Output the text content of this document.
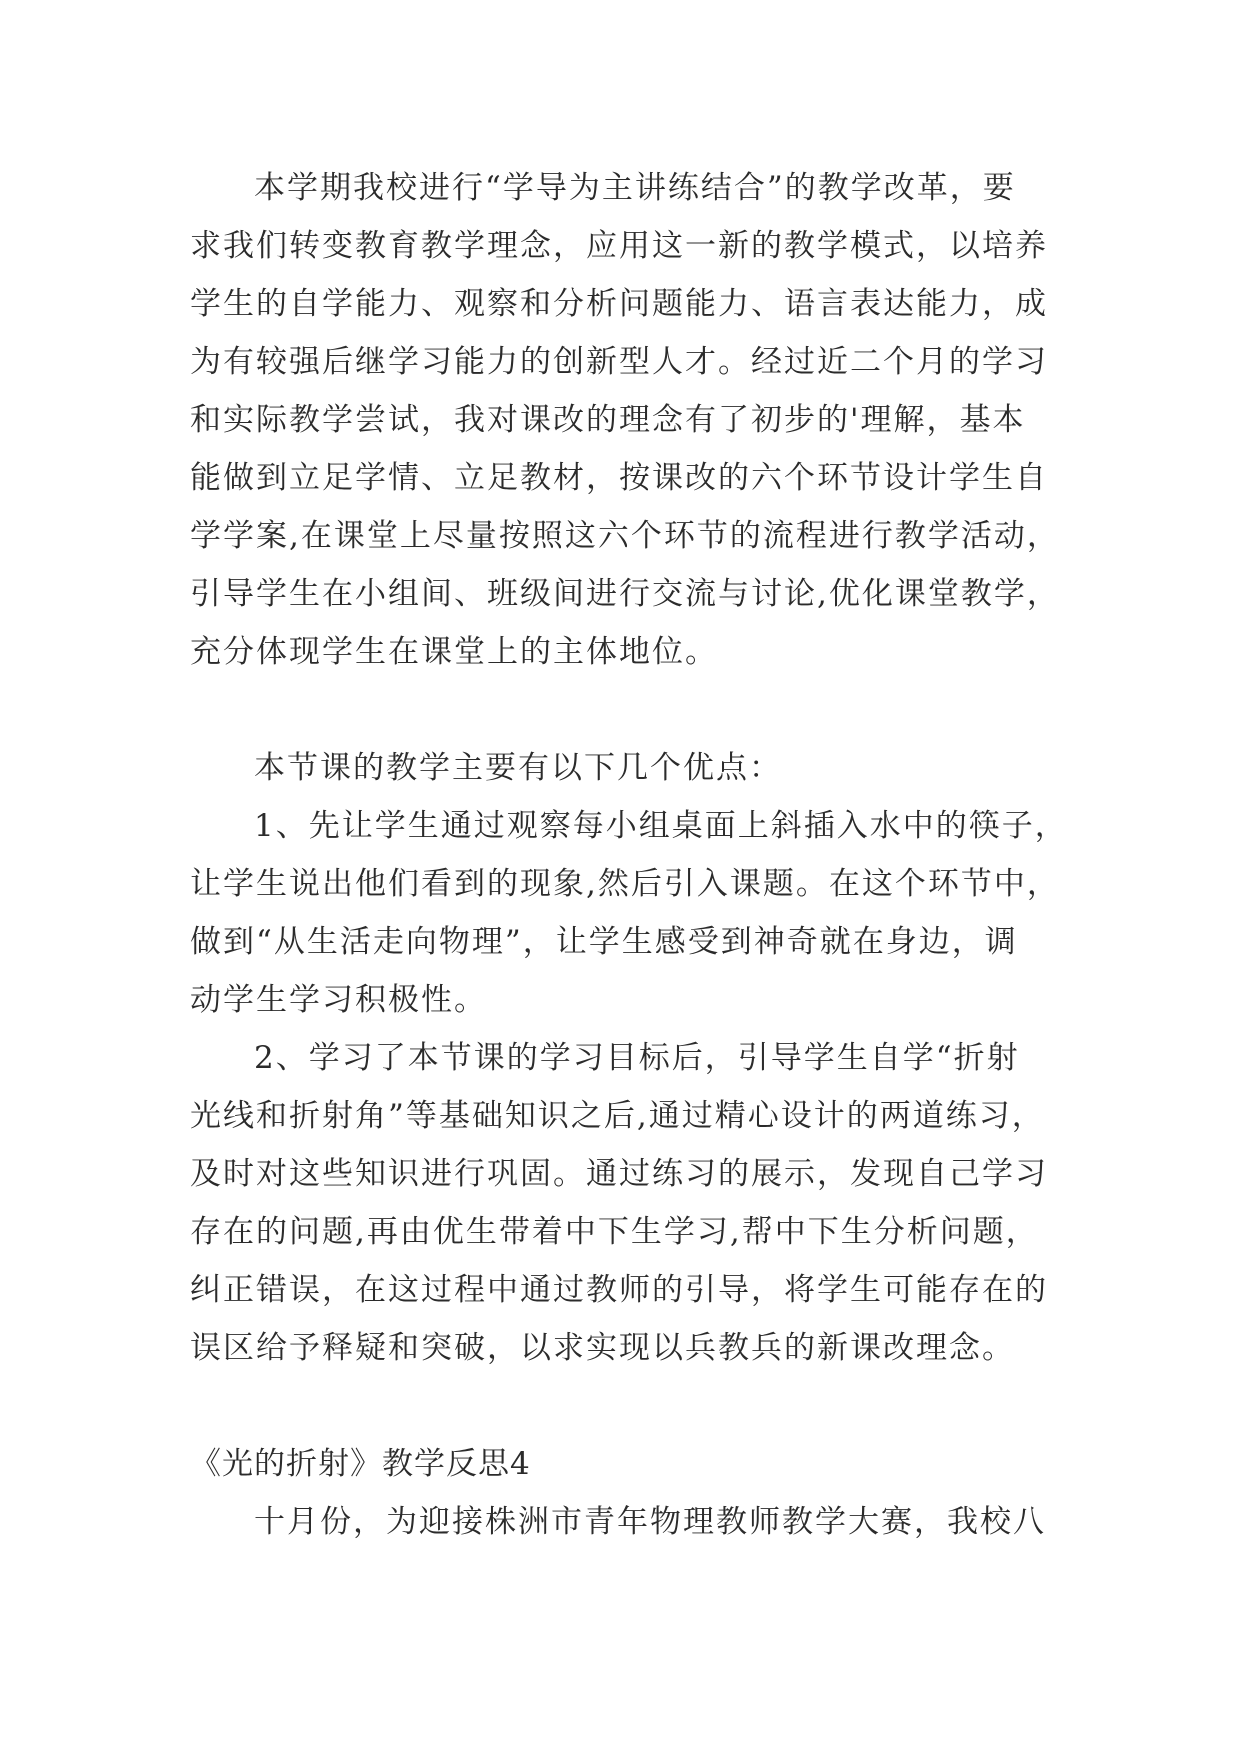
本学期我校进行“学导为主讲练结合”的教学改革，要
求我们转变教育教学理念，应用这一新的教学模式，以培养
学生的自学能力、观察和分析问题能力、语言表达能力，成
为有较强后继学习能力的创新型人才。经过近二个月的学习
和实际教学尝试，我对课改的理念有了初步的'理解，基本
能做到立足学情、立足教材，按课改的六个环节设计学生自
学学案,在课堂上尽量按照这六个环节的流程进行教学活动，
引导学生在小组间、班级间进行交流与讨论,优化课堂教学，
充分体现学生在课堂上的主体地位。
本节课的教学主要有以下几个优点：
1、先让学生通过观察每小组桌面上斜插入水中的筷子，
让学生说出他们看到的现象,然后引入课题。在这个环节中，
做到“从生活走向物理”，让学生感受到神奇就在身边，调
动学生学习积极性。
2、学习了本节课的学习目标后，引导学生自学“折射
光线和折射角”等基础知识之后,通过精心设计的两道练习，
及时对这些知识进行巩固。通过练习的展示，发现自己学习
存在的问题,再由优生带着中下生学习,帮中下生分析问题，
纠正错误，在这过程中通过教师的引导，将学生可能存在的
误区给予释疑和突破，以求实现以兵教兵的新课改理念。
《光的折射》教学反思4
十月份，为迎接株洲市青年物理教师教学大赛，我校八
